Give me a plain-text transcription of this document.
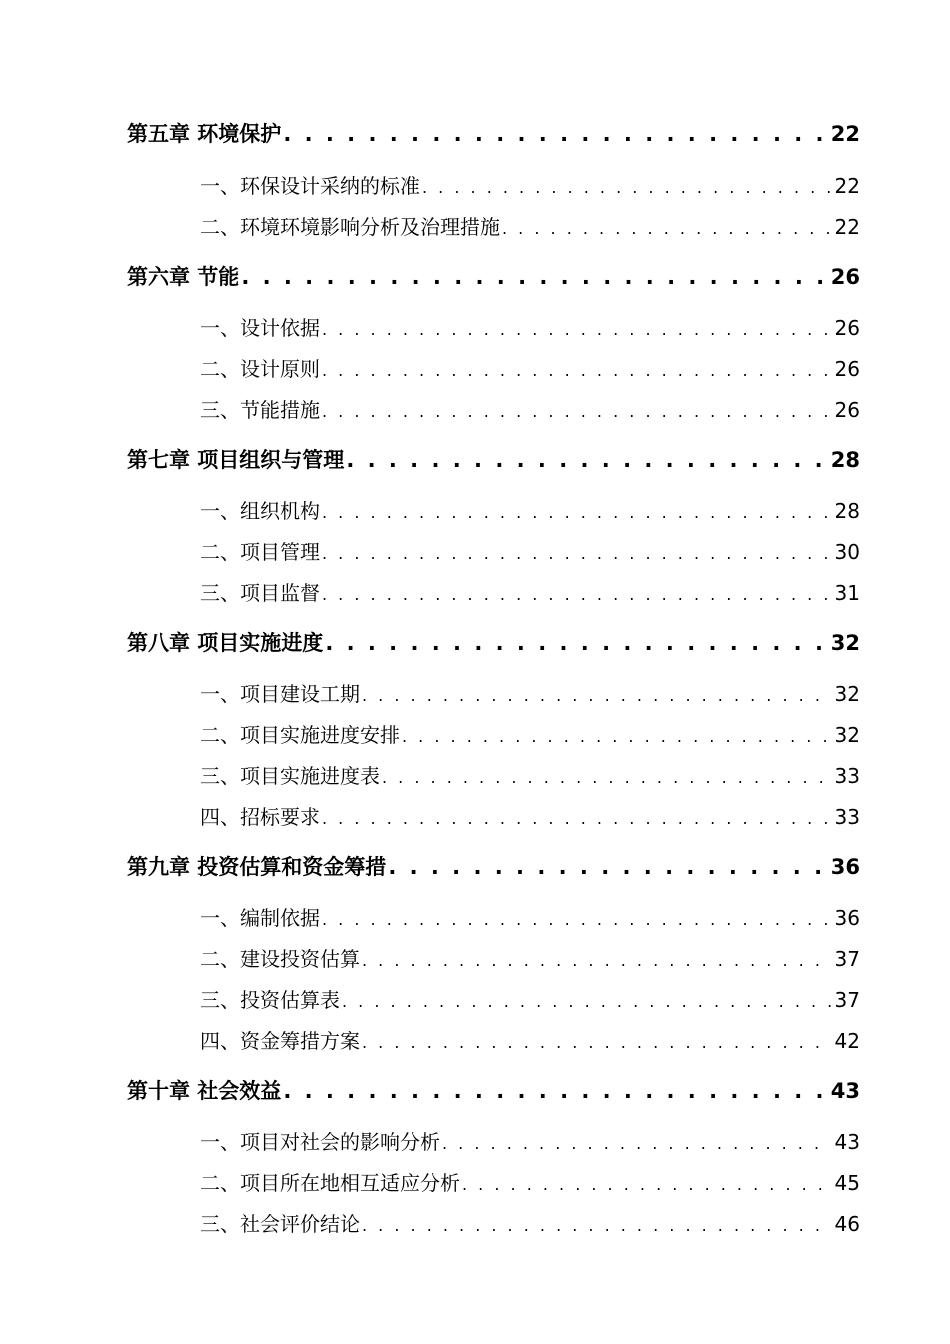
第五章 环境保护 . . .	22
一、环保设计采纳的标准 . . .	22
二、环境环境影响分析及治理措施 . . .	22
第六章 节能 . . .	26
一、设计依据 . . .	26
二、设计原则 . . .	26
三、节能措施 . . .	26
第七章 项目组织与管理 . . .	28
一、组织机构 . . .	28
二、项目管理 . . .	30
三、项目监督 . . .	31
第八章 项目实施进度 . . .	32
一、项目建设工期 . . .	32
二、项目实施进度安排 . . .	32
三、项目实施进度表 . . .	33
四、招标要求 . . .	33
第九章 投资估算和资金筹措 . . .	36
一、编制依据 . . .	36
二、建设投资估算 . . .	37
三、投资估算表 . . .	37
四、资金筹措方案 . . .	42
第十章 社会效益 . . .	43
一、项目对社会的影响分析 . . .	43
二、项目所在地相互适应分析 . . .	45
三、社会评价结论 . . .	46
